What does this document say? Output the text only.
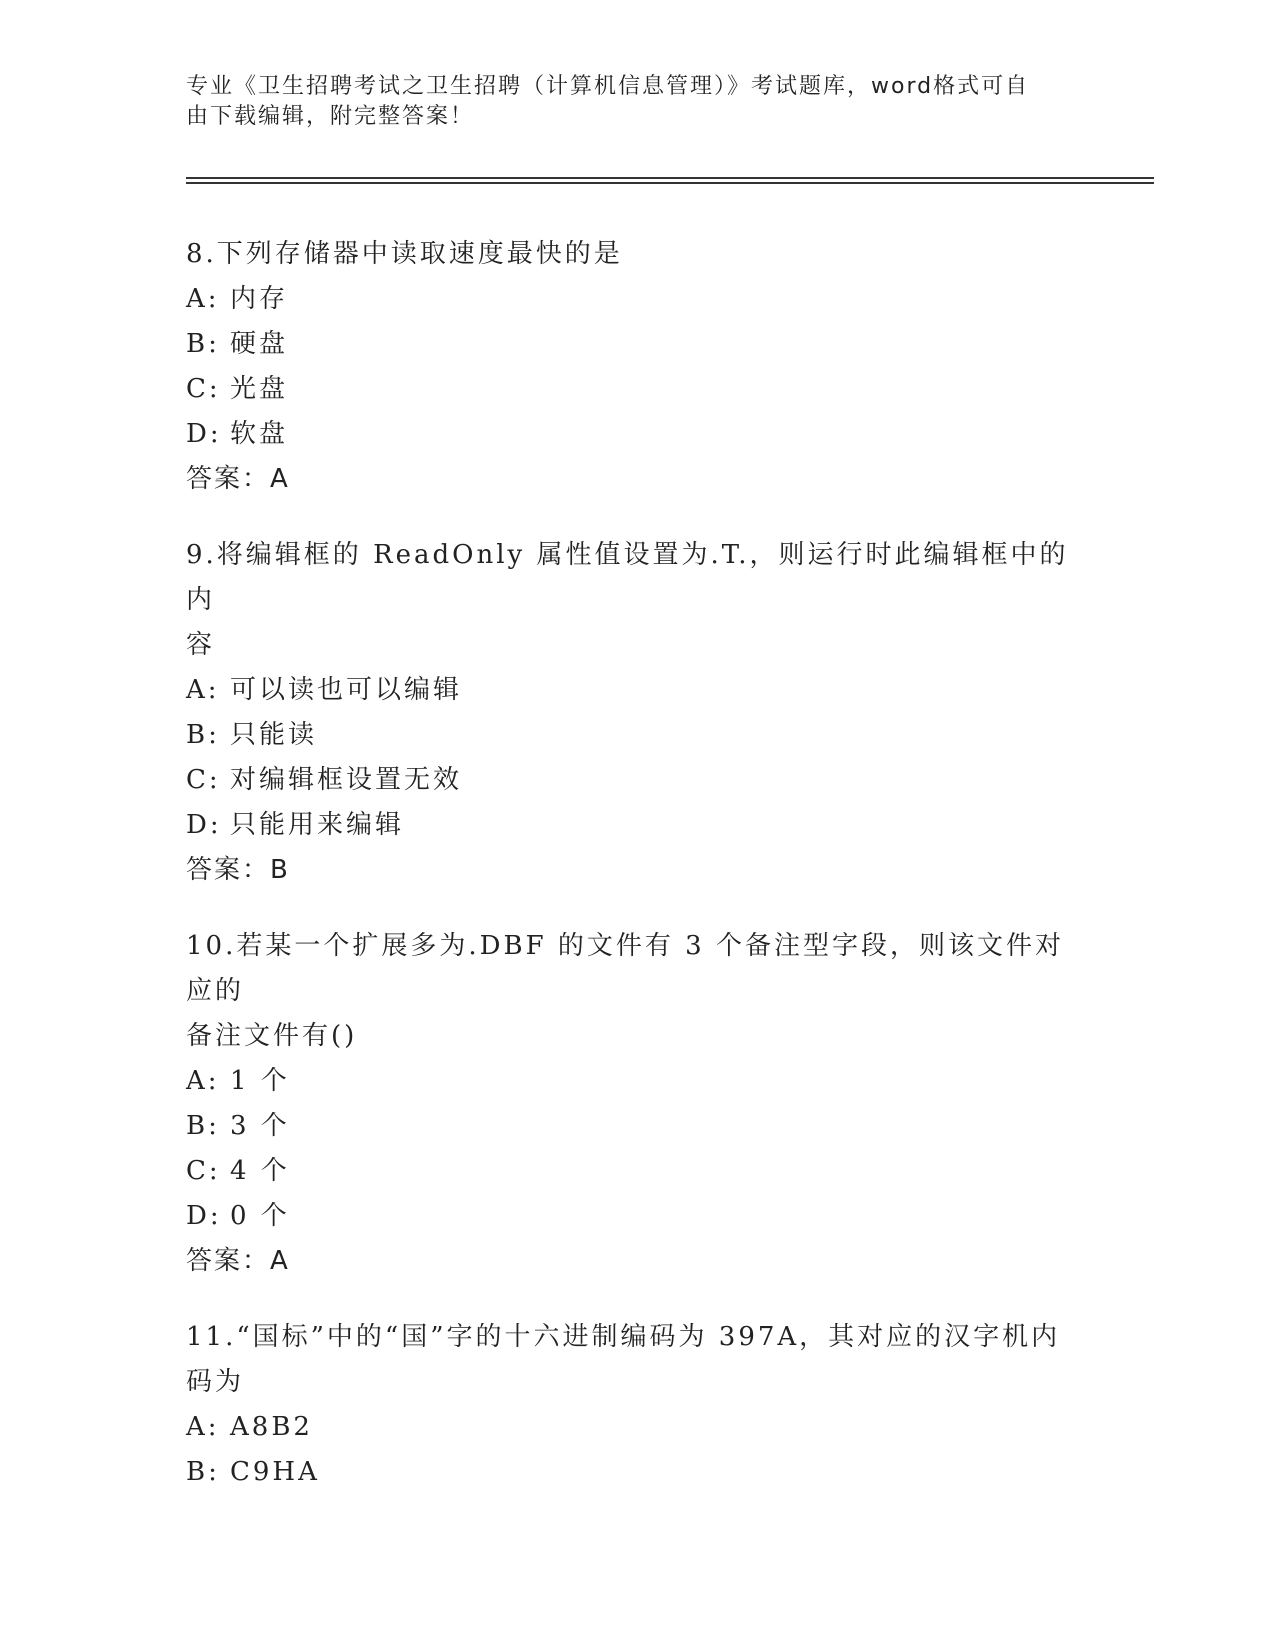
专业《卫生招聘考试之卫生招聘（计算机信息管理）》考试题库，word格式可自
由下载编辑，附完整答案！
8.下列存储器中读取速度最快的是
A: 内存
B: 硬盘
C: 光盘
D: 软盘
答案： A
9.将编辑框的 ReadOnly 属性值设置为.T.，则运行时此编辑框中的内
容
A: 可以读也可以编辑
B: 只能读
C: 对编辑框设置无效
D: 只能用来编辑
答案： B
10.若某一个扩展多为.DBF 的文件有 3 个备注型字段，则该文件对应的
备注文件有()
A: 1 个
B: 3 个
C: 4 个
D: 0 个
答案： A
11.“国标”中的“国”字的十六进制编码为 397A，其对应的汉字机内
码为
A: A8B2
B: C9HA
